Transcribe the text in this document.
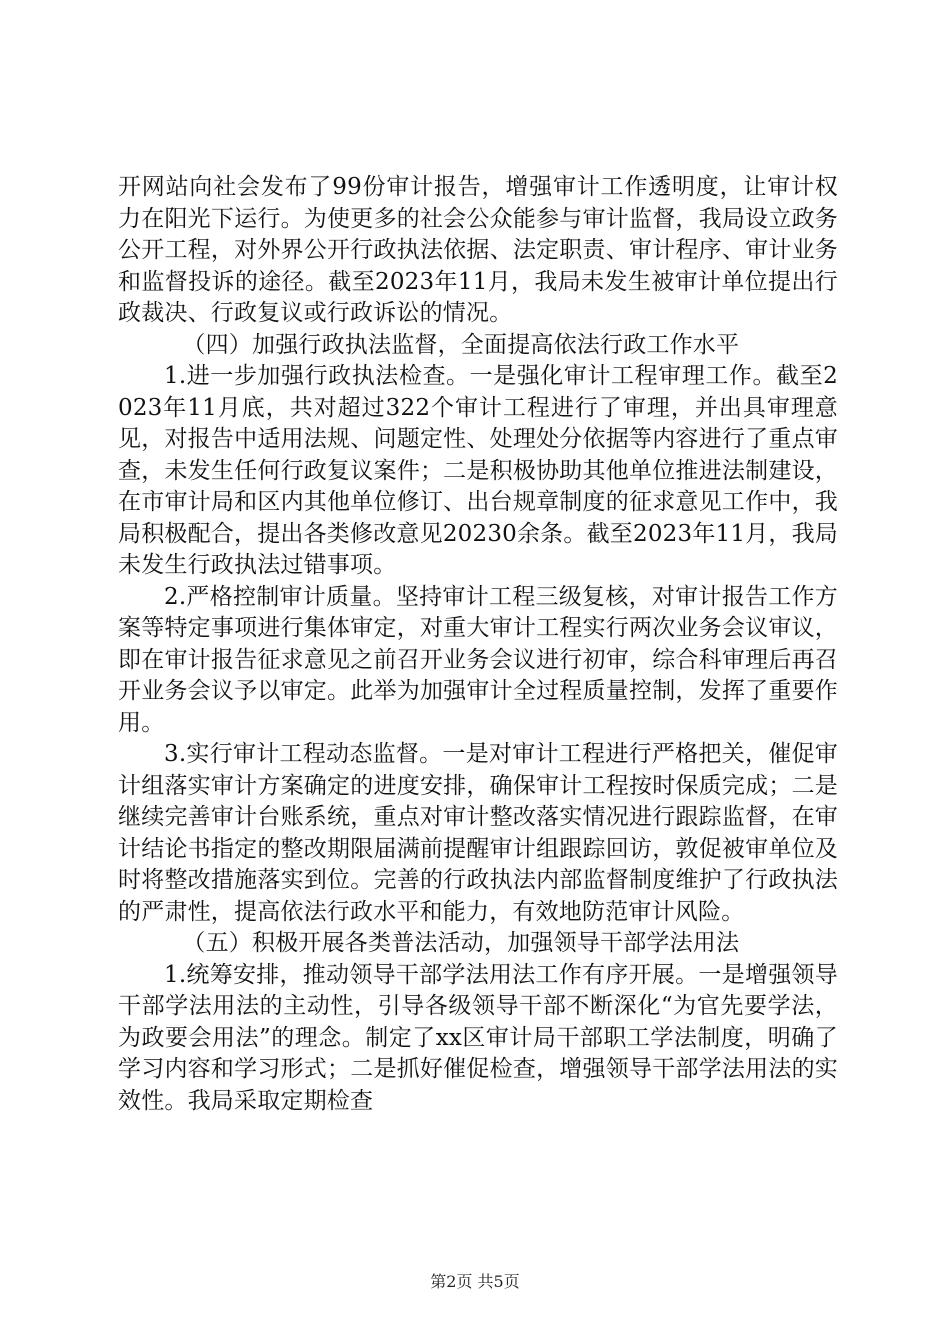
开网站向社会发布了99份审计报告，增强审计工作透明度，让审计权力在阳光下运行。为使更多的社会公众能参与审计监督，我局设立政务公开工程，对外界公开行政执法依据、法定职责、审计程序、审计业务和监督投诉的途径。截至2023年11月，我局未发生被审计单位提出行政裁决、行政复议或行政诉讼的情况。

（四）加强行政执法监督，全面提高依法行政工作水平

1.进一步加强行政执法检查。一是强化审计工程审理工作。截至2023年11月底，共对超过322个审计工程进行了审理，并出具审理意见，对报告中适用法规、问题定性、处理处分依据等内容进行了重点审查，未发生任何行政复议案件；二是积极协助其他单位推进法制建设，在市审计局和区内其他单位修订、出台规章制度的征求意见工作中，我局积极配合，提出各类修改意见20230余条。截至2023年11月，我局未发生行政执法过错事项。

2.严格控制审计质量。坚持审计工程三级复核，对审计报告工作方案等特定事项进行集体审定，对重大审计工程实行两次业务会议审议，即在审计报告征求意见之前召开业务会议进行初审，综合科审理后再召开业务会议予以审定。此举为加强审计全过程质量控制，发挥了重要作用。

3.实行审计工程动态监督。一是对审计工程进行严格把关，催促审计组落实审计方案确定的进度安排，确保审计工程按时保质完成；二是继续完善审计台账系统，重点对审计整改落实情况进行跟踪监督，在审计结论书指定的整改期限届满前提醒审计组跟踪回访，敦促被审单位及时将整改措施落实到位。完善的行政执法内部监督制度维护了行政执法的严肃性，提高依法行政水平和能力，有效地防范审计风险。

（五）积极开展各类普法活动，加强领导干部学法用法

1.统筹安排，推动领导干部学法用法工作有序开展。一是增强领导干部学法用法的主动性，引导各级领导干部不断深化“为官先要学法，为政要会用法”的理念。制定了xx区审计局干部职工学法制度，明确了学习内容和学习形式；二是抓好催促检查，增强领导干部学法用法的实效性。我局采取定期检查

第2页 共5页
